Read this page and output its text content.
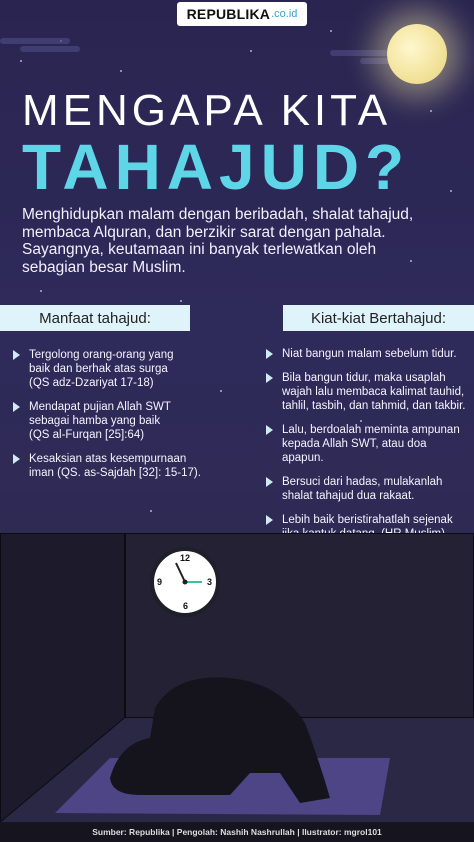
REPUBLIKA .co.id
MENGAPA KITA
TAHAJUD?
Menghidupkan malam dengan beribadah, shalat tahajud, membaca Alquran, dan berzikir sarat dengan pahala. Sayangnya, keutamaan ini banyak terlewatkan oleh sebagian besar Muslim.
Manfaat tahajud:	Kiat-kiat Bertahajud:
Tergolong orang-orang yang
baik dan berhak atas surga
(QS adz-Dzariyat 17-18)
Mendapat pujian Allah SWT
sebagai hamba yang baik
(QS al-Furqan [25]:64)
Kesaksian atas kesempurnaan
iman (QS. as-Sajdah [32]: 15-17).
Niat bangun malam sebelum tidur.
Bila bangun tidur, maka usaplah
wajah lalu membaca kalimat tauhid,
tahlil, tasbih, dan tahmid, dan takbir.
Lalu, berdoalah meminta ampunan
kepada Allah SWT, atau doa apapun.
Bersuci dari hadas, mulakanlah
shalat tahajud dua rakaat.
Lebih baik beristirahatlah sejenak

12
3
6
9
Sumber: Republika | Pengolah: Nashih Nashrullah | Ilustrator: mgrol101
